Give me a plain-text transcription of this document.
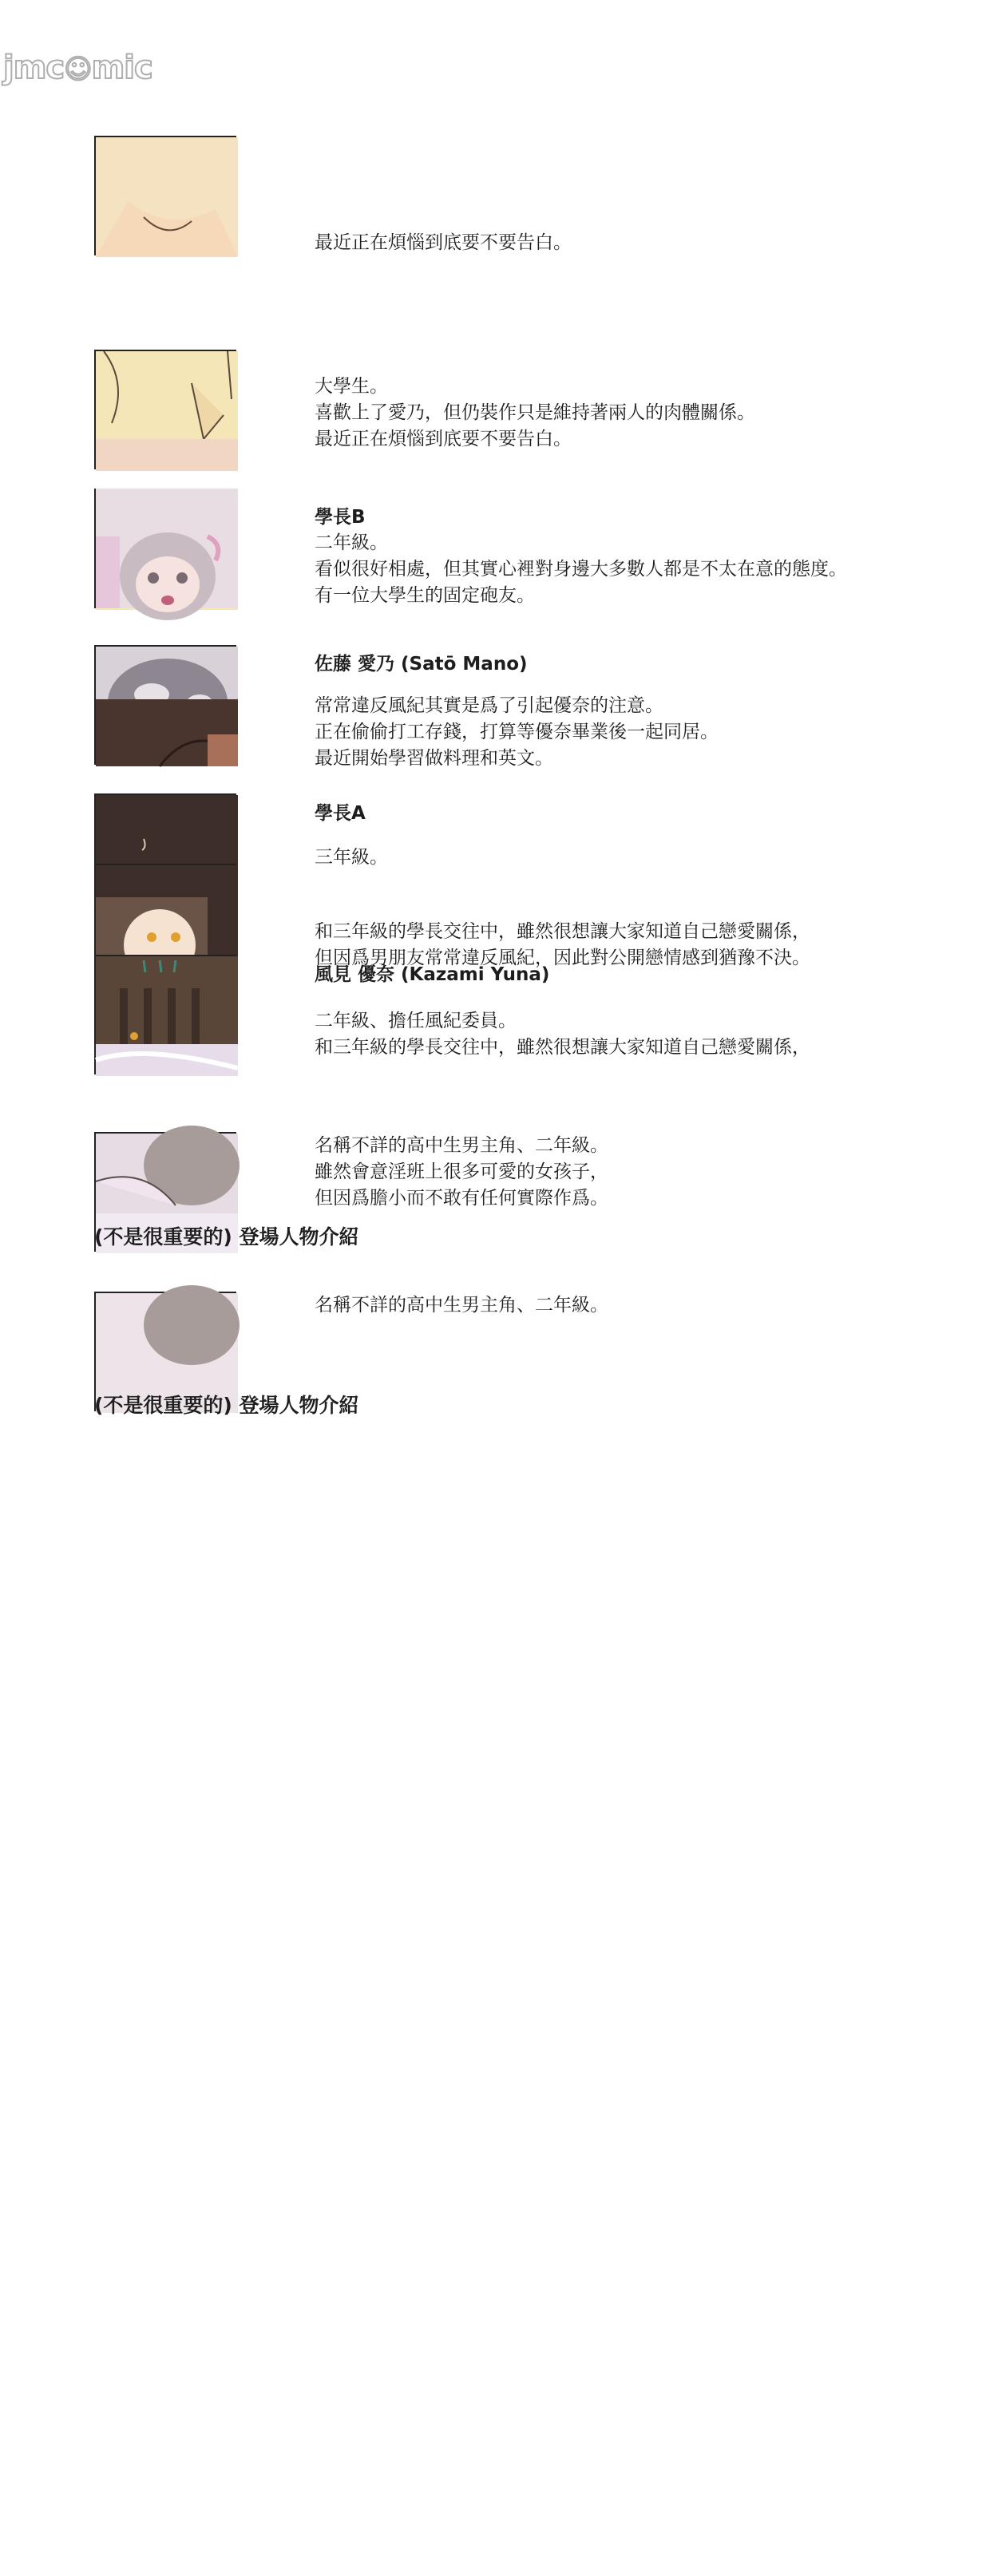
jmc☺mic
最近正在煩惱到底要不要告白。
大學生。
喜歡上了愛乃，但仍裝作只是維持著兩人的肉體關係。
最近正在煩惱到底要不要告白。
學長B
二年級。
看似很好相處，但其實心裡對身邊大多數人都是不太在意的態度。
有一位大學生的固定砲友。
佐藤 愛乃 (Satō Mano)
常常違反風紀其實是爲了引起優奈的注意。
正在偷偷打工存錢，打算等優奈畢業後一起同居。
最近開始學習做料理和英文。
學長A
三年級。
和三年級的學長交往中，雖然很想讓大家知道自己戀愛關係，
但因爲男朋友常常違反風紀，因此對公開戀情感到猶豫不決。
風見 優奈 (Kazami Yuna)
二年級、擔任風紀委員。
和三年級的學長交往中，雖然很想讓大家知道自己戀愛關係，
名稱不詳的高中生男主角、二年級。
雖然會意淫班上很多可愛的女孩子，
但因爲膽小而不敢有任何實際作爲。
(不是很重要的) 登場人物介紹
名稱不詳的高中生男主角、二年級。
(不是很重要的) 登場人物介紹
